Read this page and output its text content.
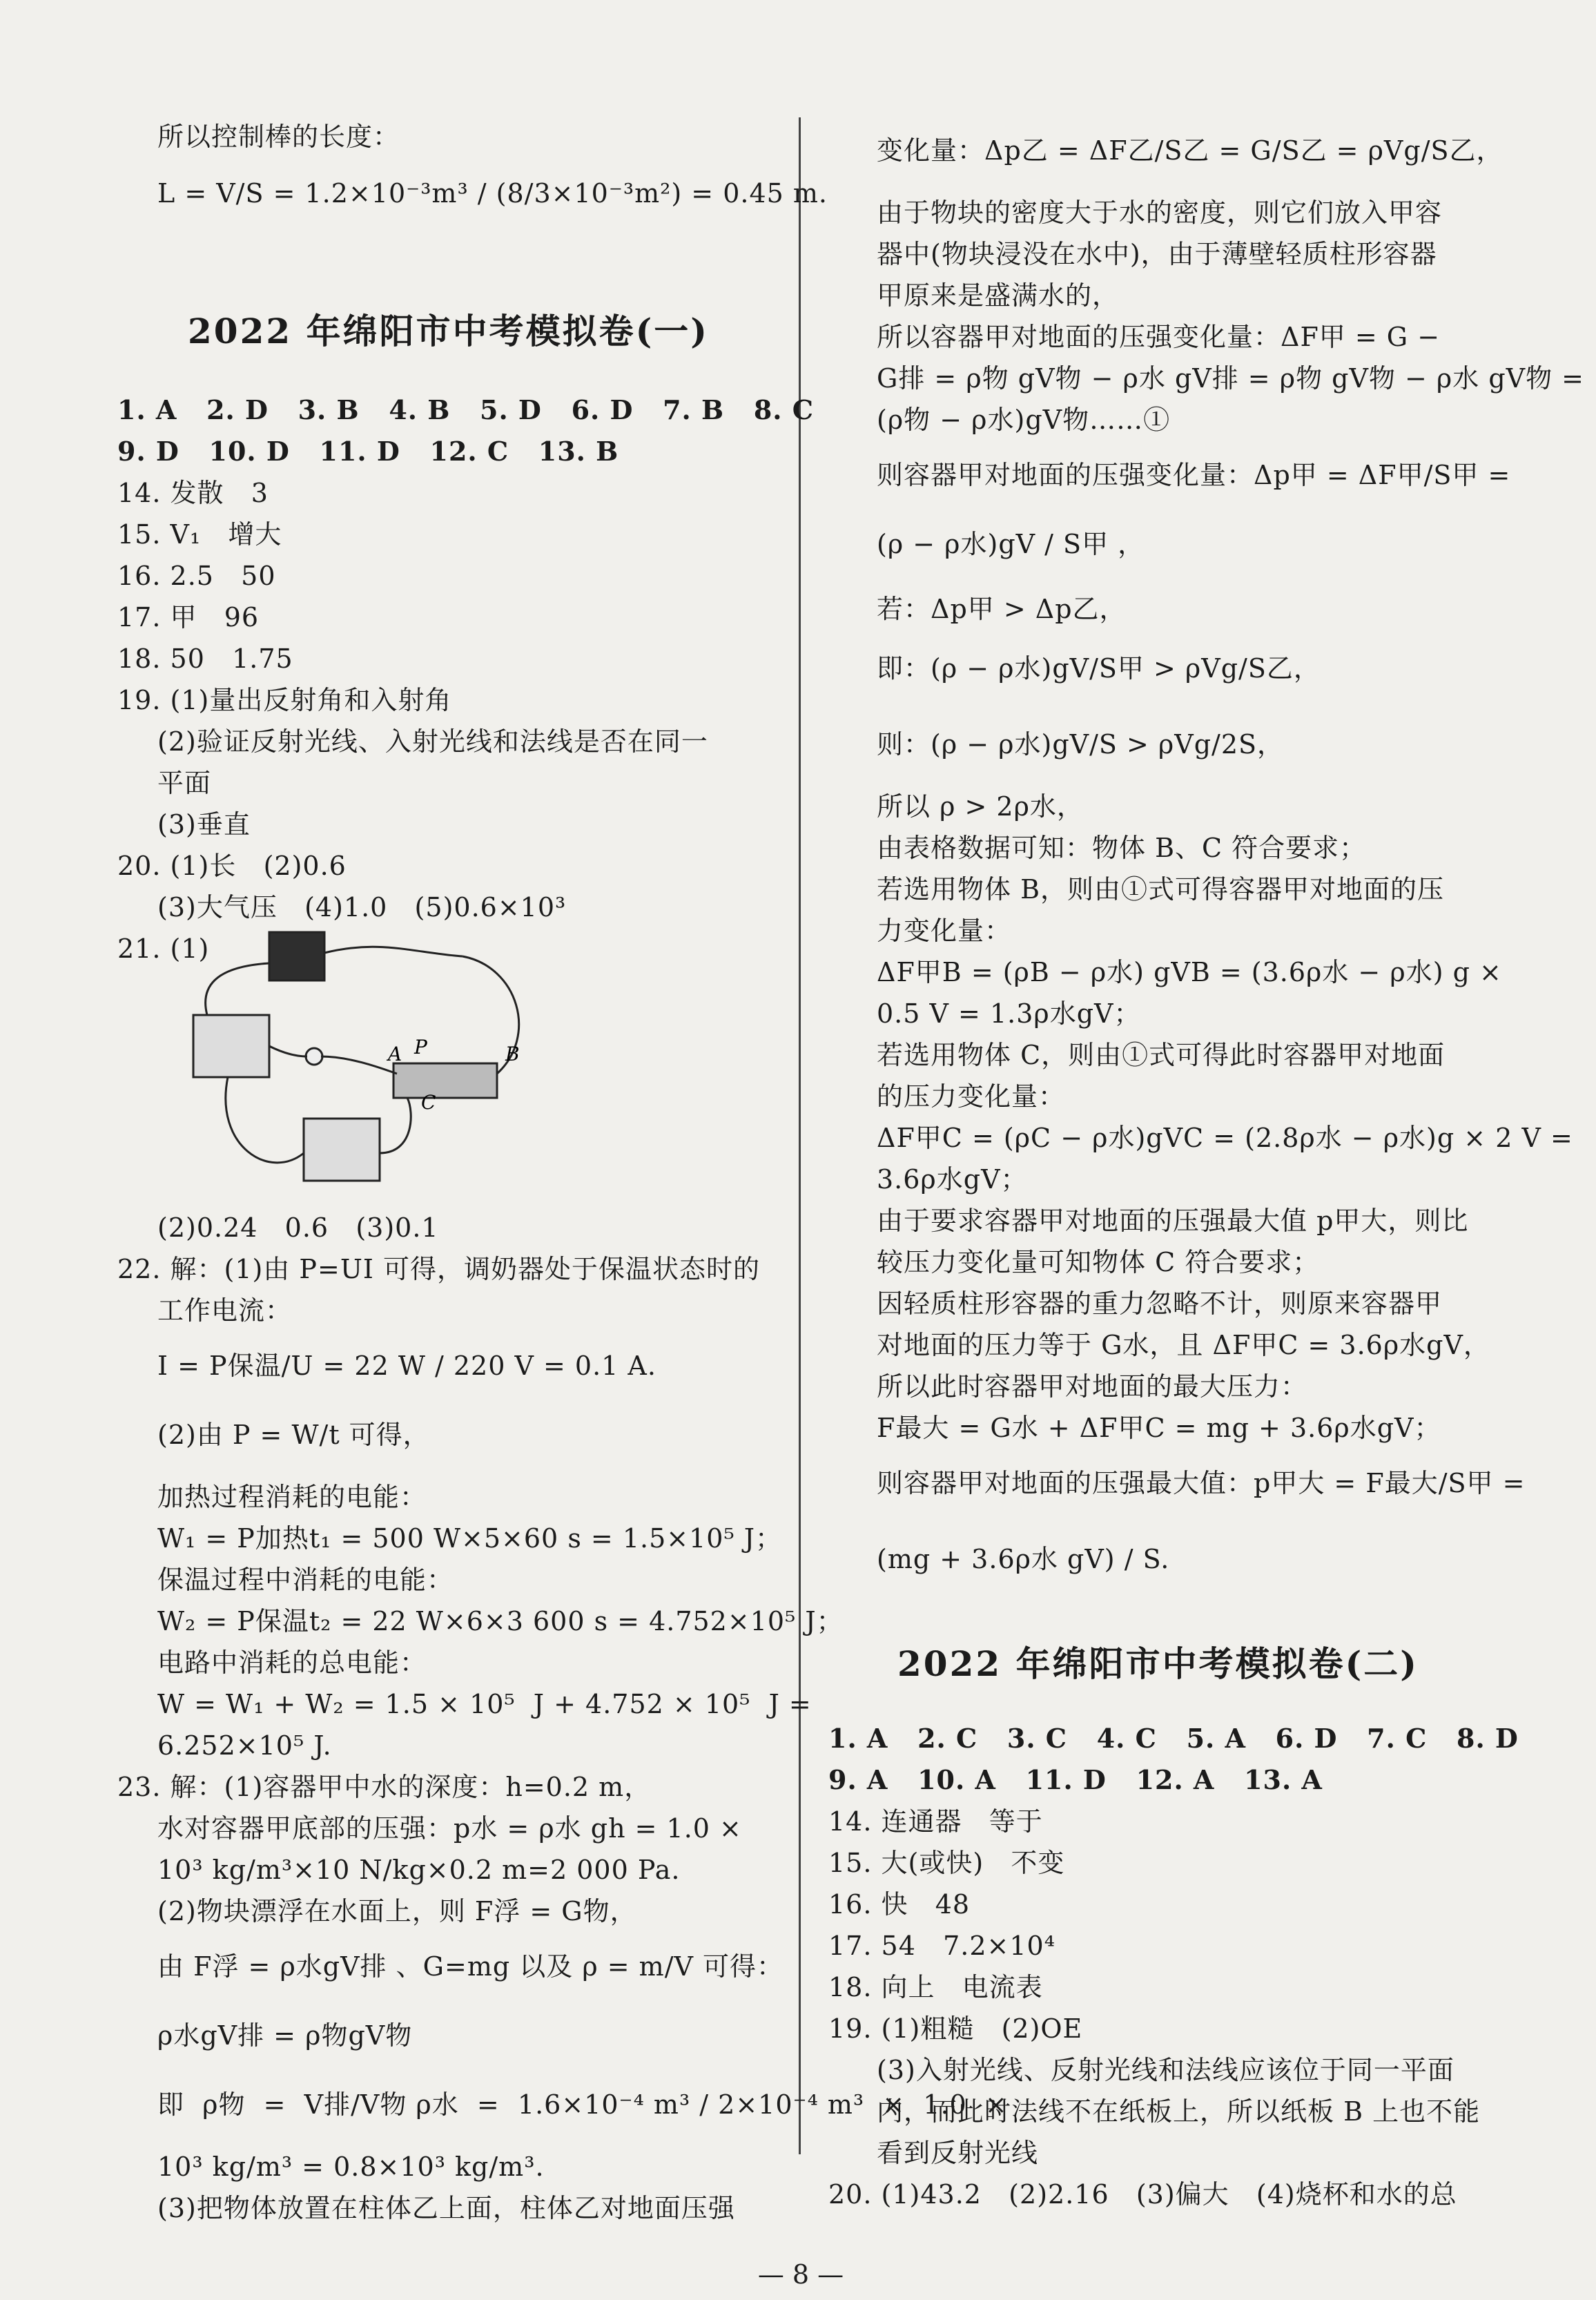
所以控制棒的长度：
L = V/S = 1.2×10⁻³m³ / (8/3×10⁻³m²) = 0.45 m.
2022 年绵阳市中考模拟卷(一)
1. A   2. D   3. B   4. B   5. D   6. D   7. B   8. C
9. D   10. D   11. D   12. C   13. B
14. 发散   3
15. V₁   增大
16. 2.5   50
17. 甲   96
18. 50   1.75
19. (1)量出反射角和入射角
(2)验证反射光线、入射光线和法线是否在同一
平面
(3)垂直
20. (1)长   (2)0.6
(3)大气压   (4)1.0   (5)0.6×10³
21. (1)
A P	B
C
(2)0.24   0.6   (3)0.1
22. 解：(1)由 P=UI 可得，调奶器处于保温状态时的
工作电流：
I = P保温/U = 22 W / 220 V = 0.1 A.
(2)由 P = W/t 可得，
加热过程消耗的电能：
W₁ = P加热t₁ = 500 W×5×60 s = 1.5×10⁵ J；
保温过程中消耗的电能：
W₂ = P保温t₂ = 22 W×6×3 600 s = 4.752×10⁵ J；
电路中消耗的总电能：
W = W₁ + W₂ = 1.5 × 10⁵  J + 4.752 × 10⁵  J =
6.252×10⁵ J.
23. 解：(1)容器甲中水的深度：h=0.2 m，
水对容器甲底部的压强：p水 = ρ水 gh = 1.0 ×
10³ kg/m³×10 N/kg×0.2 m=2 000 Pa.
(2)物块漂浮在水面上，则 F浮 = G物，
由 F浮 = ρ水gV排 、G=mg 以及 ρ = m/V 可得：
ρ水gV排 = ρ物gV物
即  ρ物  =  V排/V物 ρ水  =  1.6×10⁻⁴ m³ / 2×10⁻⁴ m³  ×  1.0  ×
10³ kg/m³ = 0.8×10³ kg/m³.
(3)把物体放置在柱体乙上面，柱体乙对地面压强
变化量：Δp乙 = ΔF乙/S乙 = G/S乙 = ρVg/S乙，
由于物块的密度大于水的密度，则它们放入甲容
器中(物块浸没在水中)，由于薄壁轻质柱形容器
甲原来是盛满水的，
所以容器甲对地面的压强变化量：ΔF甲 = G −
G排 = ρ物 gV物 − ρ水 gV排 = ρ物 gV物 − ρ水 gV物 =
(ρ物 − ρ水)gV物……①
则容器甲对地面的压强变化量：Δp甲 = ΔF甲/S甲 =
(ρ − ρ水)gV / S甲 ，
若：Δp甲 > Δp乙，
即：(ρ − ρ水)gV/S甲 > ρVg/S乙，
则：(ρ − ρ水)gV/S > ρVg/2S，
所以 ρ > 2ρ水，
由表格数据可知：物体 B、C 符合要求；
若选用物体 B，则由①式可得容器甲对地面的压
力变化量：
ΔF甲B = (ρB − ρ水) gVB = (3.6ρ水 − ρ水) g ×
0.5 V = 1.3ρ水gV；
若选用物体 C，则由①式可得此时容器甲对地面
的压力变化量：
ΔF甲C = (ρC − ρ水)gVC = (2.8ρ水 − ρ水)g × 2 V =
3.6ρ水gV；
由于要求容器甲对地面的压强最大值 p甲大，则比
较压力变化量可知物体 C 符合要求；
因轻质柱形容器的重力忽略不计，则原来容器甲
对地面的压力等于 G水，且 ΔF甲C = 3.6ρ水gV，
所以此时容器甲对地面的最大压力：
F最大 = G水 + ΔF甲C = mg + 3.6ρ水gV；
则容器甲对地面的压强最大值：p甲大 = F最大/S甲 =
(mg + 3.6ρ水 gV) / S.
2022 年绵阳市中考模拟卷(二)
1. A   2. C   3. C   4. C   5. A   6. D   7. C   8. D
9. A   10. A   11. D   12. A   13. A
14. 连通器   等于
15. 大(或快)   不变
16. 快   48
17. 54   7.2×10⁴
18. 向上   电流表
19. (1)粗糙   (2)OE
(3)入射光线、反射光线和法线应该位于同一平面
内，而此时法线不在纸板上，所以纸板 B 上也不能
看到反射光线
20. (1)43.2   (2)2.16   (3)偏大   (4)烧杯和水的总
— 8 —
